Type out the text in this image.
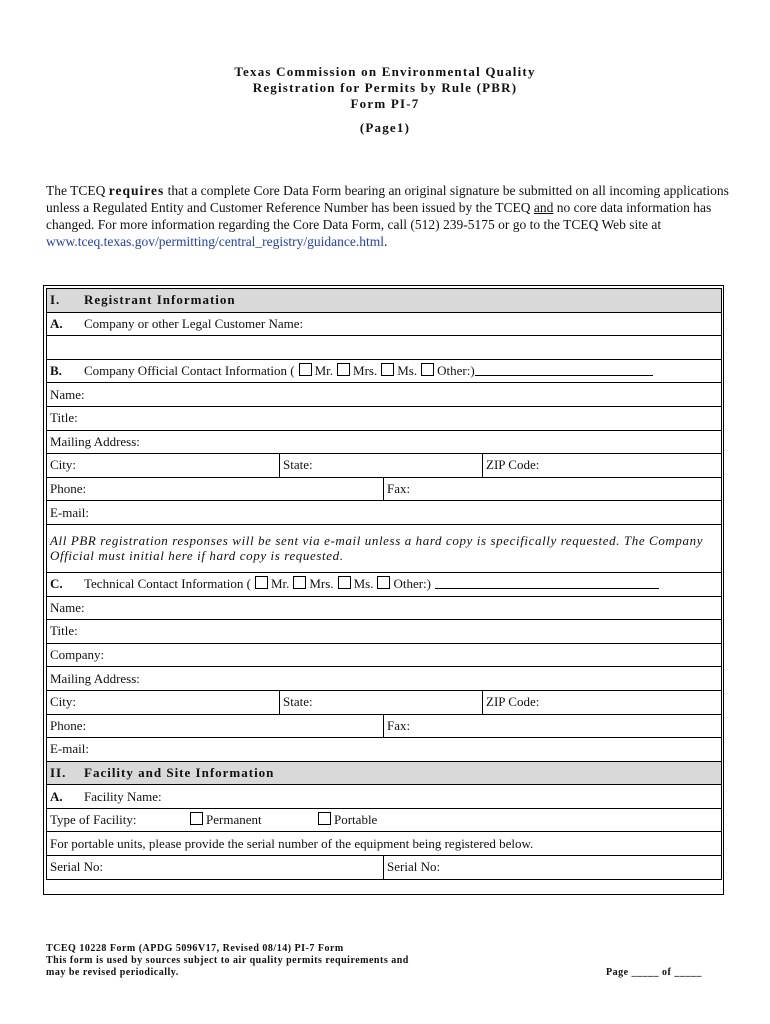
Texas Commission on Environmental Quality
Registration for Permits by Rule (PBR)
Form PI-7
(Page1)
The TCEQ requires that a complete Core Data Form bearing an original signature be submitted on all incoming applications unless a Regulated Entity and Customer Reference Number has been issued by the TCEQ and no core data information has changed. For more information regarding the Core Data Form, call (512) 239-5175 or go to the TCEQ Web site at www.tceq.texas.gov/permitting/central_registry/guidance.html.
I. Registrant Information			
A. Company or other Legal Customer Name:			

B. Company Official Contact Information ( Mr. Mrs. Ms. Other:)			
Name:			
Title:			
Mailing Address:			
City:	State:		ZIP Code:
Phone:		Fax:	
E-mail:			
All PBR registration responses will be sent via e-mail unless a hard copy is specifically requested. The Company Official must initial here if hard copy is requested.			
C. Technical Contact Information ( Mr. Mrs. Ms. Other:)			
Name:			
Title:			
Company:			
Mailing Address:			
City:	State:		ZIP Code:
Phone:		Fax:	
E-mail:			
II. Facility and Site Information			
A. Facility Name:			
Type of Facility: Permanent Portable			
For portable units, please provide the serial number of the equipment being registered below.			
Serial No:		Serial No:	
TCEQ 10228 Form (APDG 5096V17, Revised 08/14) PI-7 Form
This form is used by sources subject to air quality permits requirements and
may be revised periodically.	Page _____ of _____
